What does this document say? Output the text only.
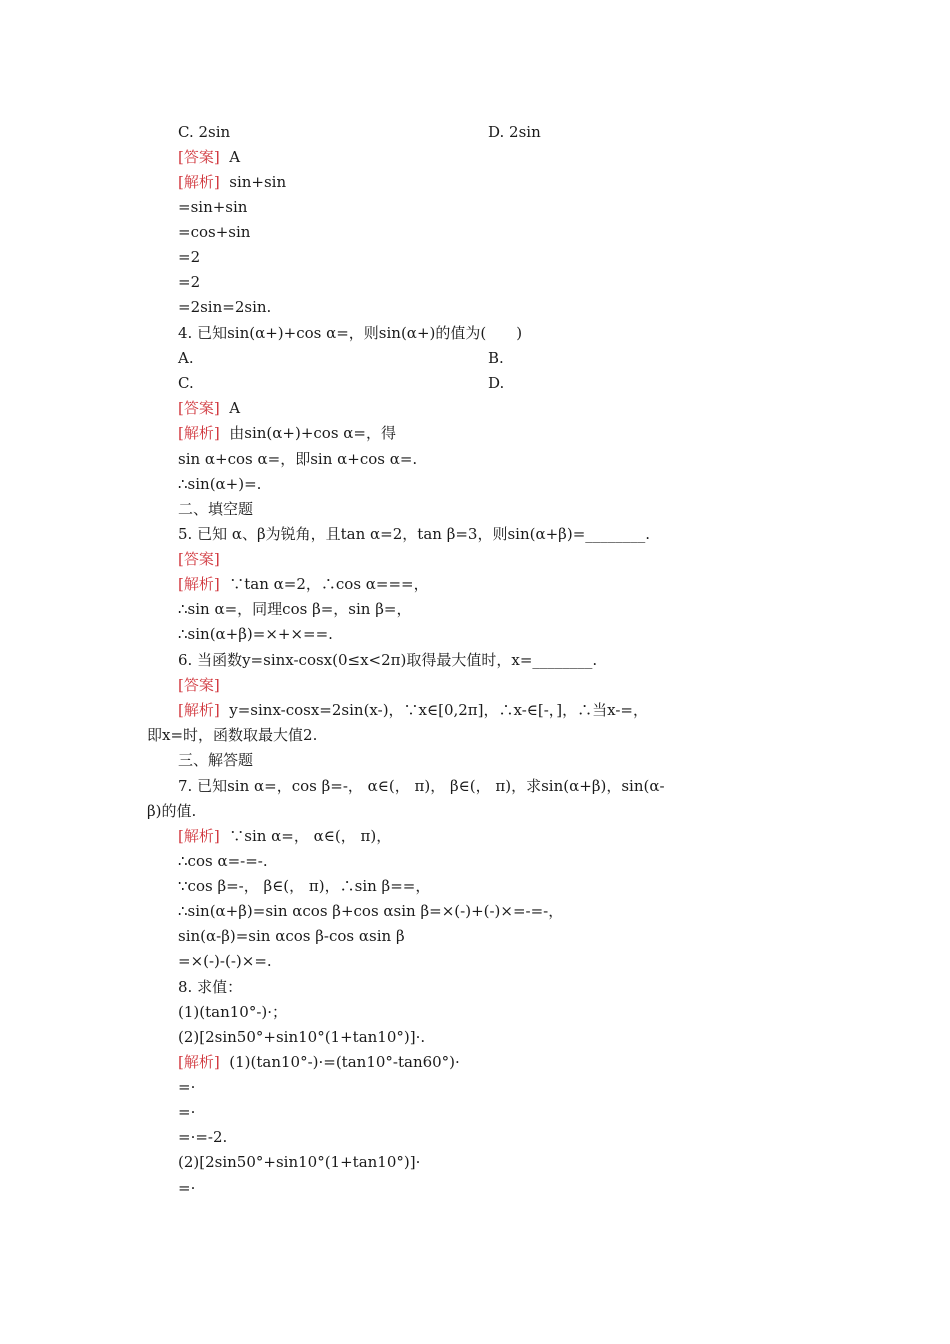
C. 2sin	D. 2sin
[答案]  A
[解析]  sin+sin
=sin+sin
=cos+sin
=2
=2
=2sin=2sin.
4. 已知sin(α+)+cos α=，则sin(α+)的值为(　　)
A.	B.
C.	D.
[答案]  A
[解析]  由sin(α+)+cos α=，得
sin α+cos α=，即sin α+cos α=.
∴sin(α+)=.
二、填空题
5. 已知 α、β为锐角，且tan α=2，tan β=3，则sin(α+β)=________.
[答案]
[解析]  ∵tan α=2，∴cos α===，
∴sin α=，同理cos β=，sin β=，
∴sin(α+β)=×+×==.
6. 当函数y=sinx-cosx(0≤x<2π)取得最大值时，x=________.
[答案]
[解析]  y=sinx-cosx=2sin(x-)，∵x∈[0,2π]，∴x-∈[-，]，∴当x-=，
即x=时，函数取最大值2.
三、解答题
7. 已知sin α=，cos β=-， α∈(， π)， β∈(， π)，求sin(α+β)，sin(α-
β)的值.
[解析]  ∵sin α=， α∈(， π)，
∴cos α=-=-.
∵cos β=-， β∈(， π)，∴sin β==，
∴sin(α+β)=sin αcos β+cos αsin β=×(-)+(-)×=-=-，
sin(α-β)=sin αcos β-cos αsin β
=×(-)-(-)×=.
8. 求值：
(1)(tan10°-)·；
(2)[2sin50°+sin10°(1+tan10°)]·.
[解析]  (1)(tan10°-)·=(tan10°-tan60°)·
=·
=·
=·=-2.
(2)[2sin50°+sin10°(1+tan10°)]·
=·
